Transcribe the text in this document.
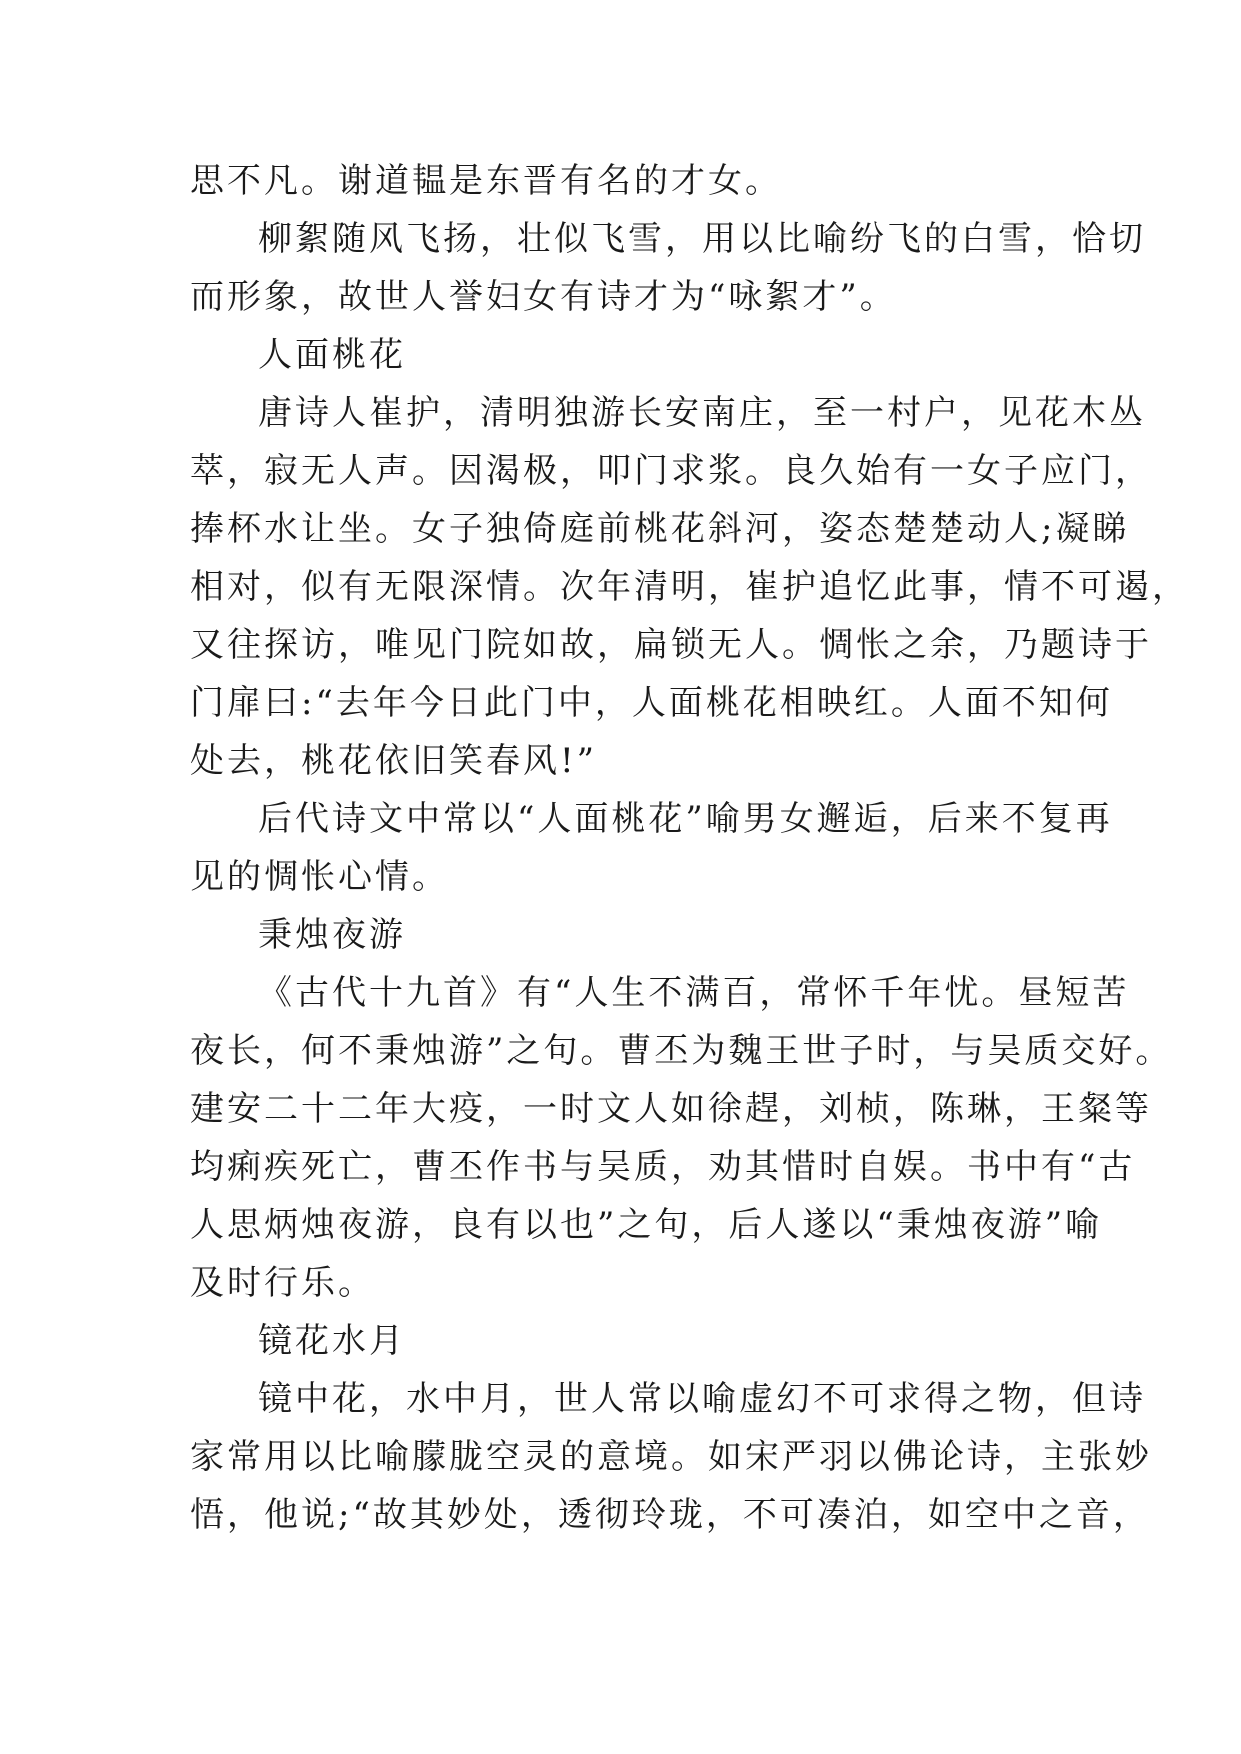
思不凡。谢道韫是东晋有名的才女。
柳絮随风飞扬，壮似飞雪，用以比喻纷飞的白雪，恰切
而形象，故世人誉妇女有诗才为“咏絮才”。
人面桃花
唐诗人崔护，清明独游长安南庄，至一村户，见花木丛
萃，寂无人声。因渴极，叩门求浆。良久始有一女子应门，
捧杯水让坐。女子独倚庭前桃花斜河，姿态楚楚动人;凝睇
相对，似有无限深情。次年清明，崔护追忆此事，情不可遏，
又往探访，唯见门院如故，扁锁无人。惆怅之余，乃题诗于
门扉曰:“去年今日此门中，人面桃花相映红。人面不知何
处去，桃花依旧笑春风!”
后代诗文中常以“人面桃花”喻男女邂逅，后来不复再
见的惆怅心情。
秉烛夜游
《古代十九首》有“人生不满百，常怀千年忧。昼短苦
夜长，何不秉烛游”之句。曹丕为魏王世子时，与吴质交好。
建安二十二年大疫，一时文人如徐趕，刘桢，陈琳，王粲等
均痢疾死亡，曹丕作书与吴质，劝其惜时自娱。书中有“古
人思炳烛夜游，良有以也”之句，后人遂以“秉烛夜游”喻
及时行乐。
镜花水月
镜中花，水中月，世人常以喻虚幻不可求得之物，但诗
家常用以比喻朦胧空灵的意境。如宋严羽以佛论诗，主张妙
悟，他说;“故其妙处，透彻玲珑，不可凑泊，如空中之音，
